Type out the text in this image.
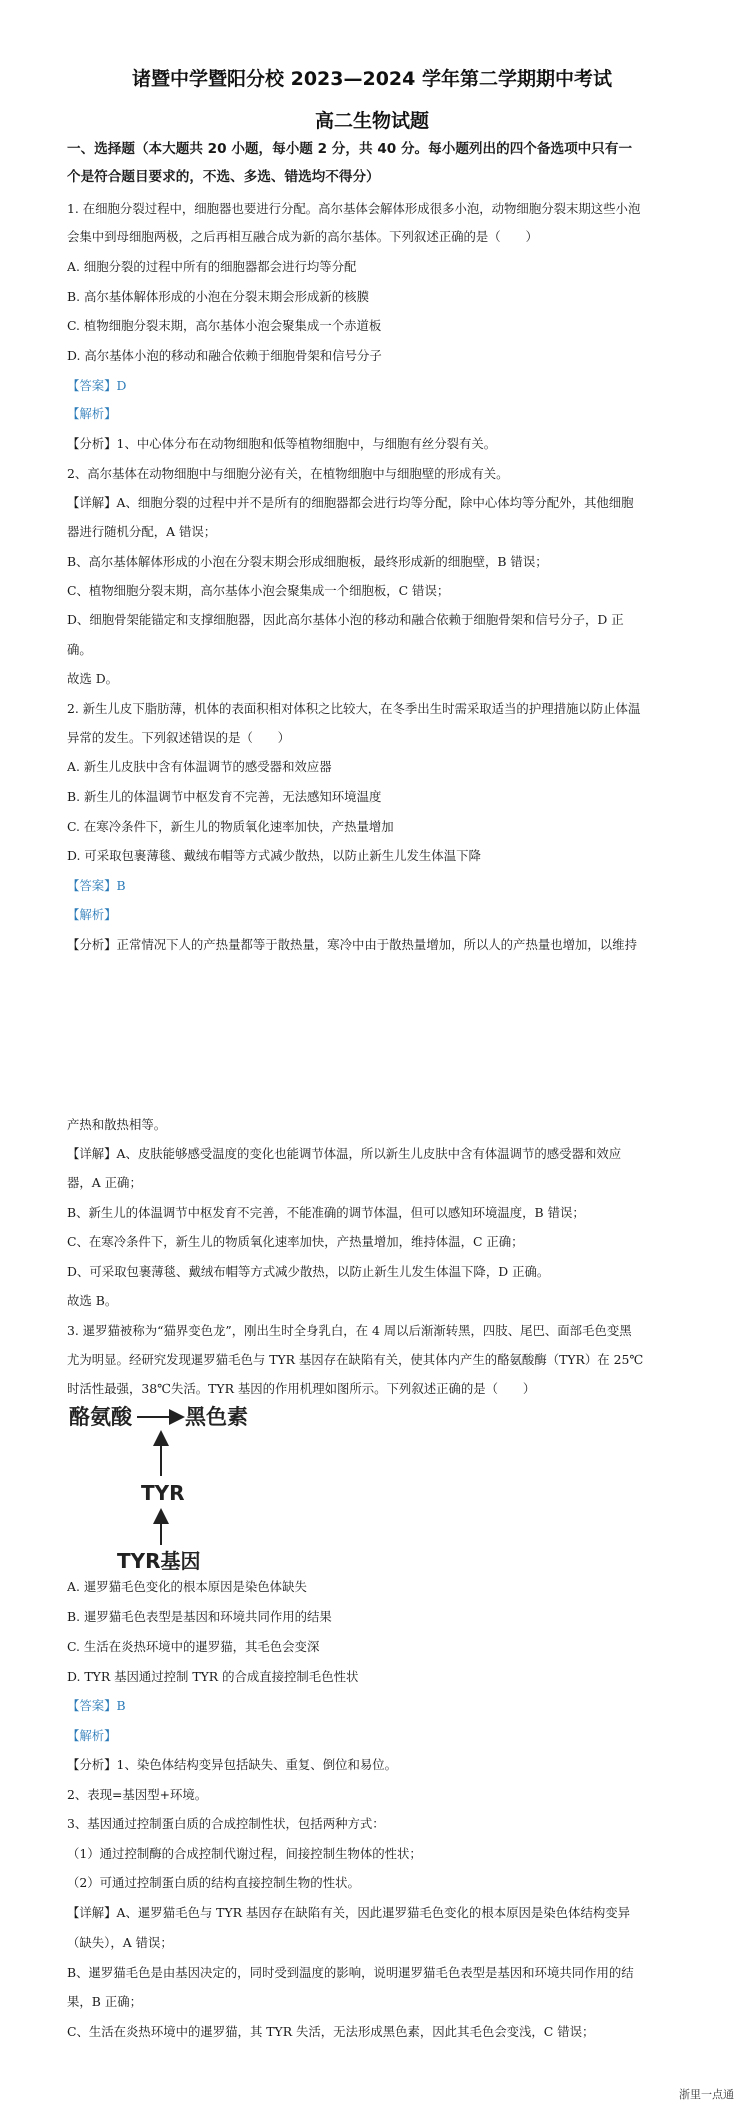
诸暨中学暨阳分校 2023—2024 学年第二学期期中考试
高二生物试题
一、选择题（本大题共 20 小题，每小题 2 分，共 40 分。每小题列出的四个备选项中只有一
个是符合题目要求的，不选、多选、错选均不得分）
1. 在细胞分裂过程中，细胞器也要进行分配。高尔基体会解体形成很多小泡，动物细胞分裂末期这些小泡
会集中到母细胞两极，之后再相互融合成为新的高尔基体。下列叙述正确的是（　　）
A. 细胞分裂的过程中所有的细胞器都会进行均等分配
B. 高尔基体解体形成的小泡在分裂末期会形成新的核膜
C. 植物细胞分裂末期，高尔基体小泡会聚集成一个赤道板
D. 高尔基体小泡的移动和融合依赖于细胞骨架和信号分子
【答案】D
【解析】
【分析】1、中心体分布在动物细胞和低等植物细胞中，与细胞有丝分裂有关。
2、高尔基体在动物细胞中与细胞分泌有关，在植物细胞中与细胞壁的形成有关。
【详解】A、细胞分裂的过程中并不是所有的细胞器都会进行均等分配，除中心体均等分配外，其他细胞
器进行随机分配，A 错误；
B、高尔基体解体形成的小泡在分裂末期会形成细胞板，最终形成新的细胞壁，B 错误；
C、植物细胞分裂末期，高尔基体小泡会聚集成一个细胞板，C 错误；
D、细胞骨架能锚定和支撑细胞器，因此高尔基体小泡的移动和融合依赖于细胞骨架和信号分子，D 正
确。
故选 D。
2. 新生儿皮下脂肪薄，机体的表面积相对体积之比较大，在冬季出生时需采取适当的护理措施以防止体温
异常的发生。下列叙述错误的是（　　）
A. 新生儿皮肤中含有体温调节的感受器和效应器
B. 新生儿的体温调节中枢发育不完善，无法感知环境温度
C. 在寒冷条件下，新生儿的物质氧化速率加快，产热量增加
D. 可采取包裹薄毯、戴绒布帽等方式减少散热，以防止新生儿发生体温下降
【答案】B
【解析】
【分析】正常情况下人的产热量都等于散热量，寒冷中由于散热量增加，所以人的产热量也增加，以维持
产热和散热相等。
【详解】A、皮肤能够感受温度的变化也能调节体温，所以新生儿皮肤中含有体温调节的感受器和效应
器，A 正确；
B、新生儿的体温调节中枢发育不完善，不能准确的调节体温，但可以感知环境温度，B 错误；
C、在寒冷条件下，新生儿的物质氧化速率加快，产热量增加，维持体温，C 正确；
D、可采取包裹薄毯、戴绒布帽等方式减少散热，以防止新生儿发生体温下降，D 正确。
故选 B。
3. 暹罗猫被称为“猫界变色龙”，刚出生时全身乳白，在 4 周以后渐渐转黑，四肢、尾巴、面部毛色变黑
尤为明显。经研究发现暹罗猫毛色与 TYR 基因存在缺陷有关，使其体内产生的酪氨酸酶（TYR）在 25℃
时活性最强，38℃失活。TYR 基因的作用机理如图所示。下列叙述正确的是（　　）
酪氨酸	黑色素
TYR
TYR基因
A. 暹罗猫毛色变化的根本原因是染色体缺失
B. 暹罗猫毛色表型是基因和环境共同作用的结果
C. 生活在炎热环境中的暹罗猫，其毛色会变深
D. TYR 基因通过控制 TYR 的合成直接控制毛色性状
【答案】B
【解析】
【分析】1、染色体结构变异包括缺失、重复、倒位和易位。
2、表现=基因型+环境。
3、基因通过控制蛋白质的合成控制性状，包括两种方式：
（1）通过控制酶的合成控制代谢过程，间接控制生物体的性状；
（2）可通过控制蛋白质的结构直接控制生物的性状。
【详解】A、暹罗猫毛色与 TYR 基因存在缺陷有关，因此暹罗猫毛色变化的根本原因是染色体结构变异
（缺失），A 错误；
B、暹罗猫毛色是由基因决定的，同时受到温度的影响，说明暹罗猫毛色表型是基因和环境共同作用的结
果，B 正确；
C、生活在炎热环境中的暹罗猫，其 TYR 失活，无法形成黑色素，因此其毛色会变浅，C 错误；
浙里一点通
